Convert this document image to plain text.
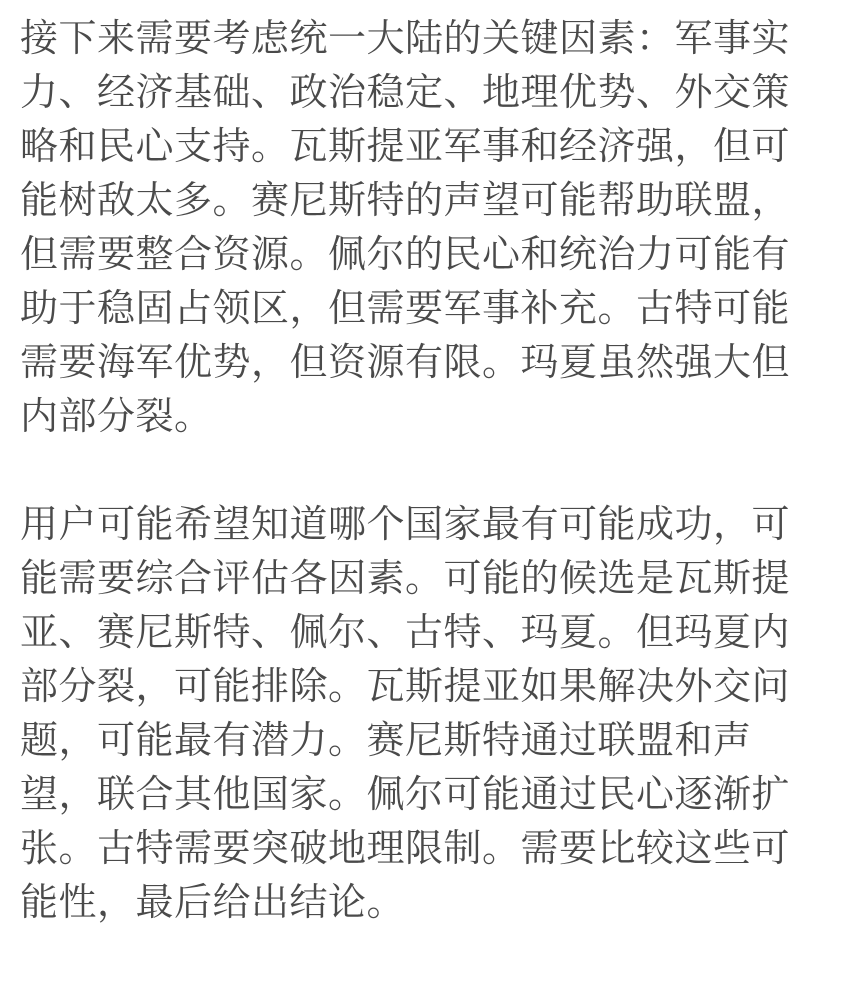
接下来需要考虑统一大陆的关键因素：军事实
力、经济基础、政治稳定、地理优势、外交策
略和民心支持。瓦斯提亚军事和经济强，但可
能树敌太多。赛尼斯特的声望可能帮助联盟，
但需要整合资源。佩尔的民心和统治力可能有
助于稳固占领区，但需要军事补充。古特可能
需要海军优势，但资源有限。玛夏虽然强大但
内部分裂。

用户可能希望知道哪个国家最有可能成功，可
能需要综合评估各因素。可能的候选是瓦斯提
亚、赛尼斯特、佩尔、古特、玛夏。但玛夏内
部分裂，可能排除。瓦斯提亚如果解决外交问
题，可能最有潜力。赛尼斯特通过联盟和声
望，联合其他国家。佩尔可能通过民心逐渐扩
张。古特需要突破地理限制。需要比较这些可
能性，最后给出结论。
